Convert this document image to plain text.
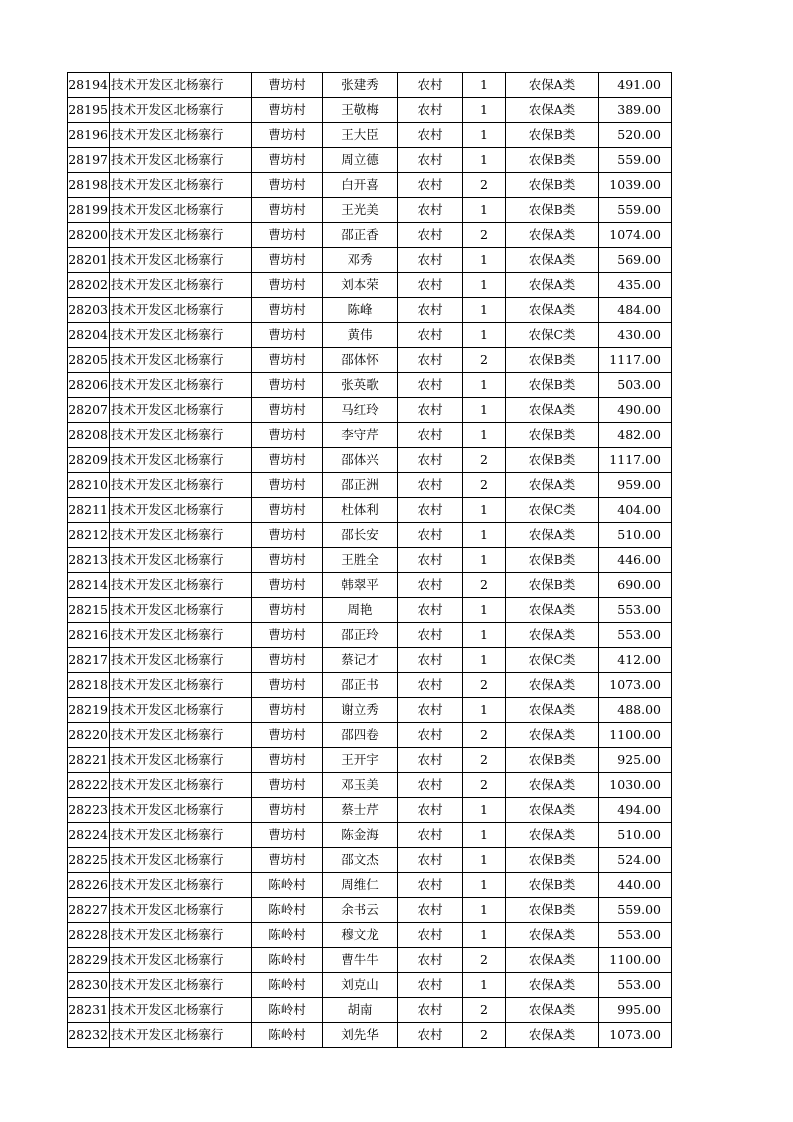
28194	技术开发区北杨寨行	曹坊村	张建秀	农村	1	农保A类	491.00
28195	技术开发区北杨寨行	曹坊村	王敬梅	农村	1	农保A类	389.00
28196	技术开发区北杨寨行	曹坊村	王大臣	农村	1	农保B类	520.00
28197	技术开发区北杨寨行	曹坊村	周立德	农村	1	农保B类	559.00
28198	技术开发区北杨寨行	曹坊村	白开喜	农村	2	农保B类	1039.00
28199	技术开发区北杨寨行	曹坊村	王光美	农村	1	农保B类	559.00
28200	技术开发区北杨寨行	曹坊村	邵正香	农村	2	农保A类	1074.00
28201	技术开发区北杨寨行	曹坊村	邓秀	农村	1	农保A类	569.00
28202	技术开发区北杨寨行	曹坊村	刘本荣	农村	1	农保A类	435.00
28203	技术开发区北杨寨行	曹坊村	陈峰	农村	1	农保A类	484.00
28204	技术开发区北杨寨行	曹坊村	黄伟	农村	1	农保C类	430.00
28205	技术开发区北杨寨行	曹坊村	邵体怀	农村	2	农保B类	1117.00
28206	技术开发区北杨寨行	曹坊村	张英歌	农村	1	农保B类	503.00
28207	技术开发区北杨寨行	曹坊村	马红玲	农村	1	农保A类	490.00
28208	技术开发区北杨寨行	曹坊村	李守芹	农村	1	农保B类	482.00
28209	技术开发区北杨寨行	曹坊村	邵体兴	农村	2	农保B类	1117.00
28210	技术开发区北杨寨行	曹坊村	邵正洲	农村	2	农保A类	959.00
28211	技术开发区北杨寨行	曹坊村	杜体利	农村	1	农保C类	404.00
28212	技术开发区北杨寨行	曹坊村	邵长安	农村	1	农保A类	510.00
28213	技术开发区北杨寨行	曹坊村	王胜全	农村	1	农保B类	446.00
28214	技术开发区北杨寨行	曹坊村	韩翠平	农村	2	农保B类	690.00
28215	技术开发区北杨寨行	曹坊村	周艳	农村	1	农保A类	553.00
28216	技术开发区北杨寨行	曹坊村	邵正玲	农村	1	农保A类	553.00
28217	技术开发区北杨寨行	曹坊村	蔡记才	农村	1	农保C类	412.00
28218	技术开发区北杨寨行	曹坊村	邵正书	农村	2	农保A类	1073.00
28219	技术开发区北杨寨行	曹坊村	谢立秀	农村	1	农保A类	488.00
28220	技术开发区北杨寨行	曹坊村	邵四卷	农村	2	农保A类	1100.00
28221	技术开发区北杨寨行	曹坊村	王开宇	农村	2	农保B类	925.00
28222	技术开发区北杨寨行	曹坊村	邓玉美	农村	2	农保A类	1030.00
28223	技术开发区北杨寨行	曹坊村	蔡士芹	农村	1	农保A类	494.00
28224	技术开发区北杨寨行	曹坊村	陈金海	农村	1	农保A类	510.00
28225	技术开发区北杨寨行	曹坊村	邵文杰	农村	1	农保B类	524.00
28226	技术开发区北杨寨行	陈岭村	周维仁	农村	1	农保B类	440.00
28227	技术开发区北杨寨行	陈岭村	余书云	农村	1	农保B类	559.00
28228	技术开发区北杨寨行	陈岭村	穆文龙	农村	1	农保A类	553.00
28229	技术开发区北杨寨行	陈岭村	曹牛牛	农村	2	农保A类	1100.00
28230	技术开发区北杨寨行	陈岭村	刘克山	农村	1	农保A类	553.00
28231	技术开发区北杨寨行	陈岭村	胡南	农村	2	农保A类	995.00
28232	技术开发区北杨寨行	陈岭村	刘先华	农村	2	农保A类	1073.00
